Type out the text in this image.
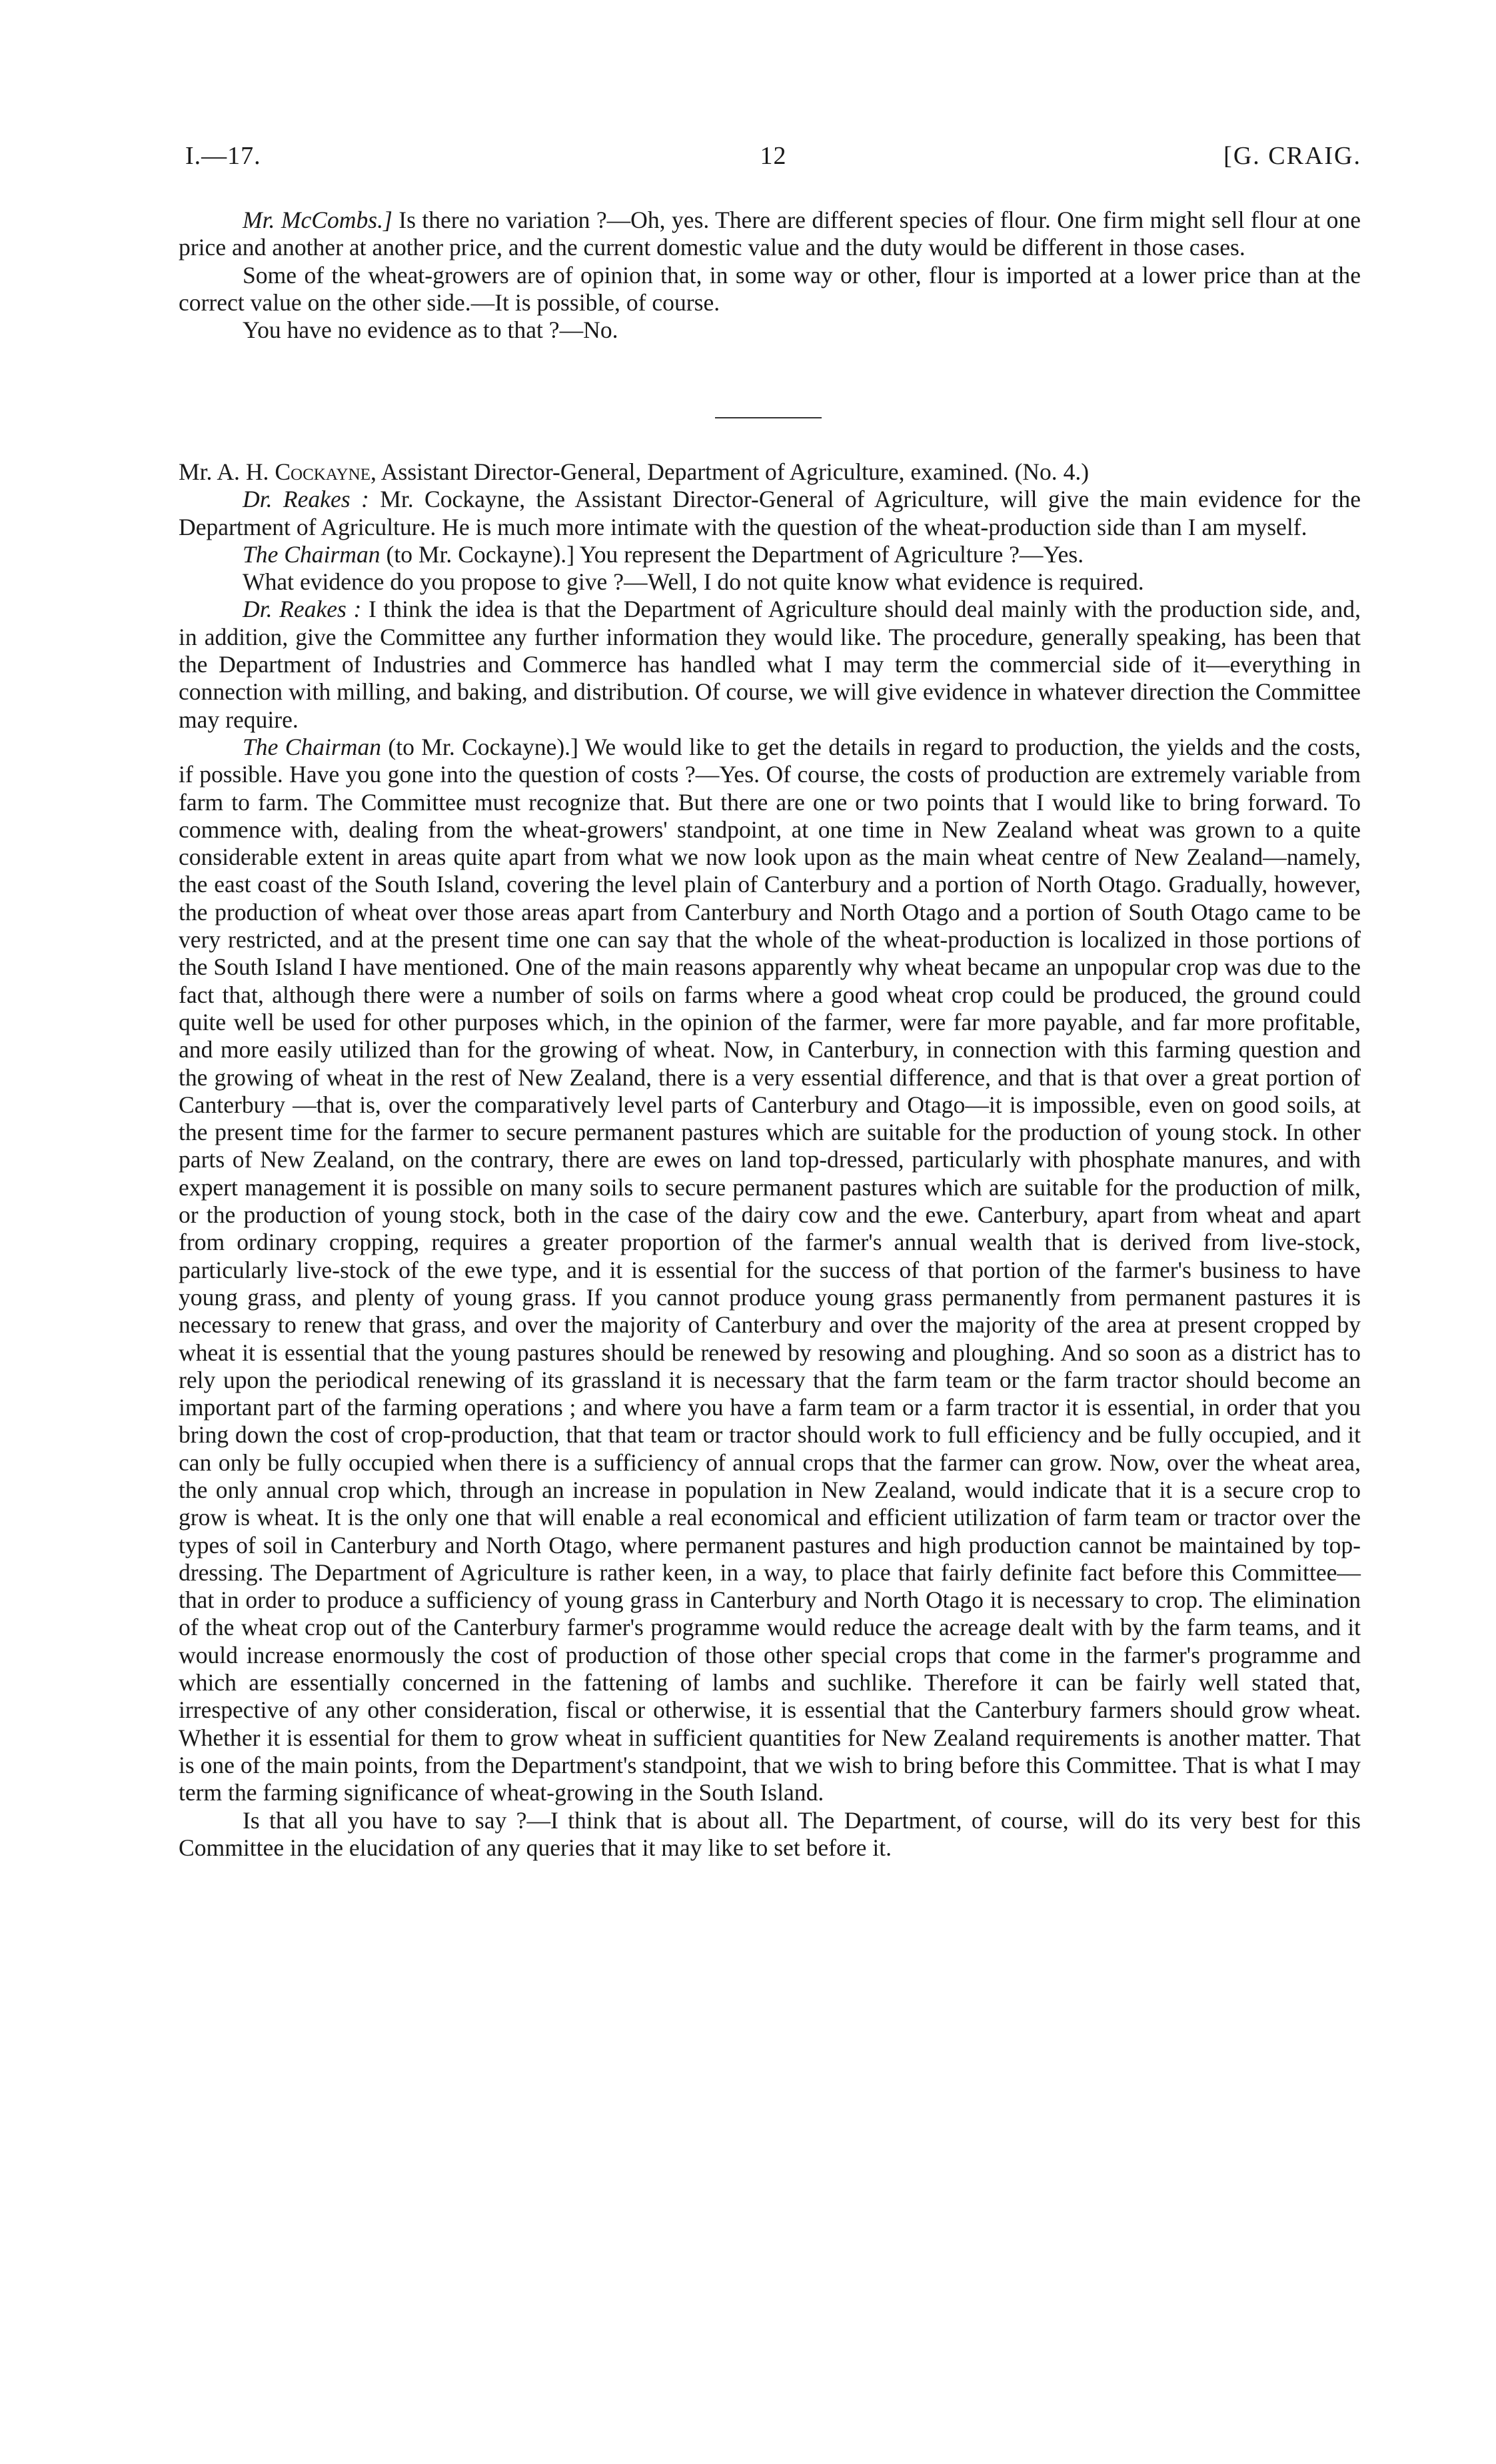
I.—17.	12	[G. CRAIG.

Mr. McCombs.] Is there no variation ?—Oh, yes. There are different species of flour. One firm might sell flour at one price and another at another price, and the current domestic value and the duty would be different in those cases.

Some of the wheat-growers are of opinion that, in some way or other, flour is imported at a lower price than at the correct value on the other side.—It is possible, of course.

You have no evidence as to that ?—No.

Mr. A. H. Cockayne, Assistant Director-General, Department of Agriculture, examined. (No. 4.)

Dr. Reakes : Mr. Cockayne, the Assistant Director-General of Agriculture, will give the main evidence for the Department of Agriculture. He is much more intimate with the question of the wheat-production side than I am myself.

The Chairman (to Mr. Cockayne).] You represent the Department of Agriculture ?—Yes.

What evidence do you propose to give ?—Well, I do not quite know what evidence is required.

Dr. Reakes : I think the idea is that the Department of Agriculture should deal mainly with the production side, and, in addition, give the Committee any further information they would like. The procedure, generally speaking, has been that the Department of Industries and Commerce has handled what I may term the commercial side of it—everything in connection with milling, and baking, and distribution. Of course, we will give evidence in whatever direction the Committee may require.

The Chairman (to Mr. Cockayne).] We would like to get the details in regard to production, the yields and the costs, if possible. Have you gone into the question of costs ?—Yes. Of course, the costs of production are extremely variable from farm to farm. The Committee must recognize that. But there are one or two points that I would like to bring forward. To commence with, dealing from the wheat-growers' standpoint, at one time in New Zealand wheat was grown to a quite considerable extent in areas quite apart from what we now look upon as the main wheat centre of New Zealand—namely, the east coast of the South Island, covering the level plain of Canterbury and a portion of North Otago. Gradually, however, the production of wheat over those areas apart from Canterbury and North Otago and a portion of South Otago came to be very restricted, and at the present time one can say that the whole of the wheat-production is localized in those portions of the South Island I have mentioned. One of the main reasons apparently why wheat became an unpopular crop was due to the fact that, although there were a number of soils on farms where a good wheat crop could be produced, the ground could quite well be used for other purposes which, in the opinion of the farmer, were far more payable, and far more profitable, and more easily utilized than for the growing of wheat. Now, in Canterbury, in connection with this farming question and the growing of wheat in the rest of New Zealand, there is a very essential difference, and that is that over a great portion of Canterbury —that is, over the comparatively level parts of Canterbury and Otago—it is impossible, even on good soils, at the present time for the farmer to secure permanent pastures which are suitable for the production of young stock. In other parts of New Zealand, on the contrary, there are ewes on land top-dressed, particularly with phosphate manures, and with expert management it is possible on many soils to secure permanent pastures which are suitable for the production of milk, or the production of young stock, both in the case of the dairy cow and the ewe. Canterbury, apart from wheat and apart from ordinary cropping, requires a greater proportion of the farmer's annual wealth that is derived from live-stock, particularly live-stock of the ewe type, and it is essential for the success of that portion of the farmer's business to have young grass, and plenty of young grass. If you cannot produce young grass permanently from permanent pastures it is necessary to renew that grass, and over the majority of Canterbury and over the majority of the area at present cropped by wheat it is essential that the young pastures should be renewed by resowing and ploughing. And so soon as a district has to rely upon the periodical renewing of its grassland it is necessary that the farm team or the farm tractor should become an important part of the farming operations ; and where you have a farm team or a farm tractor it is essential, in order that you bring down the cost of crop-production, that that team or tractor should work to full efficiency and be fully occupied, and it can only be fully occupied when there is a sufficiency of annual crops that the farmer can grow. Now, over the wheat area, the only annual crop which, through an increase in population in New Zealand, would indicate that it is a secure crop to grow is wheat. It is the only one that will enable a real economical and efficient utilization of farm team or tractor over the types of soil in Canterbury and North Otago, where permanent pastures and high production cannot be maintained by top-dressing. The Department of Agriculture is rather keen, in a way, to place that fairly definite fact before this Committee—that in order to produce a sufficiency of young grass in Canterbury and North Otago it is necessary to crop. The elimination of the wheat crop out of the Canterbury farmer's programme would reduce the acreage dealt with by the farm teams, and it would increase enormously the cost of production of those other special crops that come in the farmer's programme and which are essentially concerned in the fattening of lambs and suchlike. Therefore it can be fairly well stated that, irrespective of any other consideration, fiscal or otherwise, it is essential that the Canterbury farmers should grow wheat. Whether it is essential for them to grow wheat in sufficient quantities for New Zealand requirements is another matter. That is one of the main points, from the Department's standpoint, that we wish to bring before this Committee. That is what I may term the farming significance of wheat-growing in the South Island.

Is that all you have to say ?—I think that is about all. The Department, of course, will do its very best for this Committee in the elucidation of any queries that it may like to set before it.
